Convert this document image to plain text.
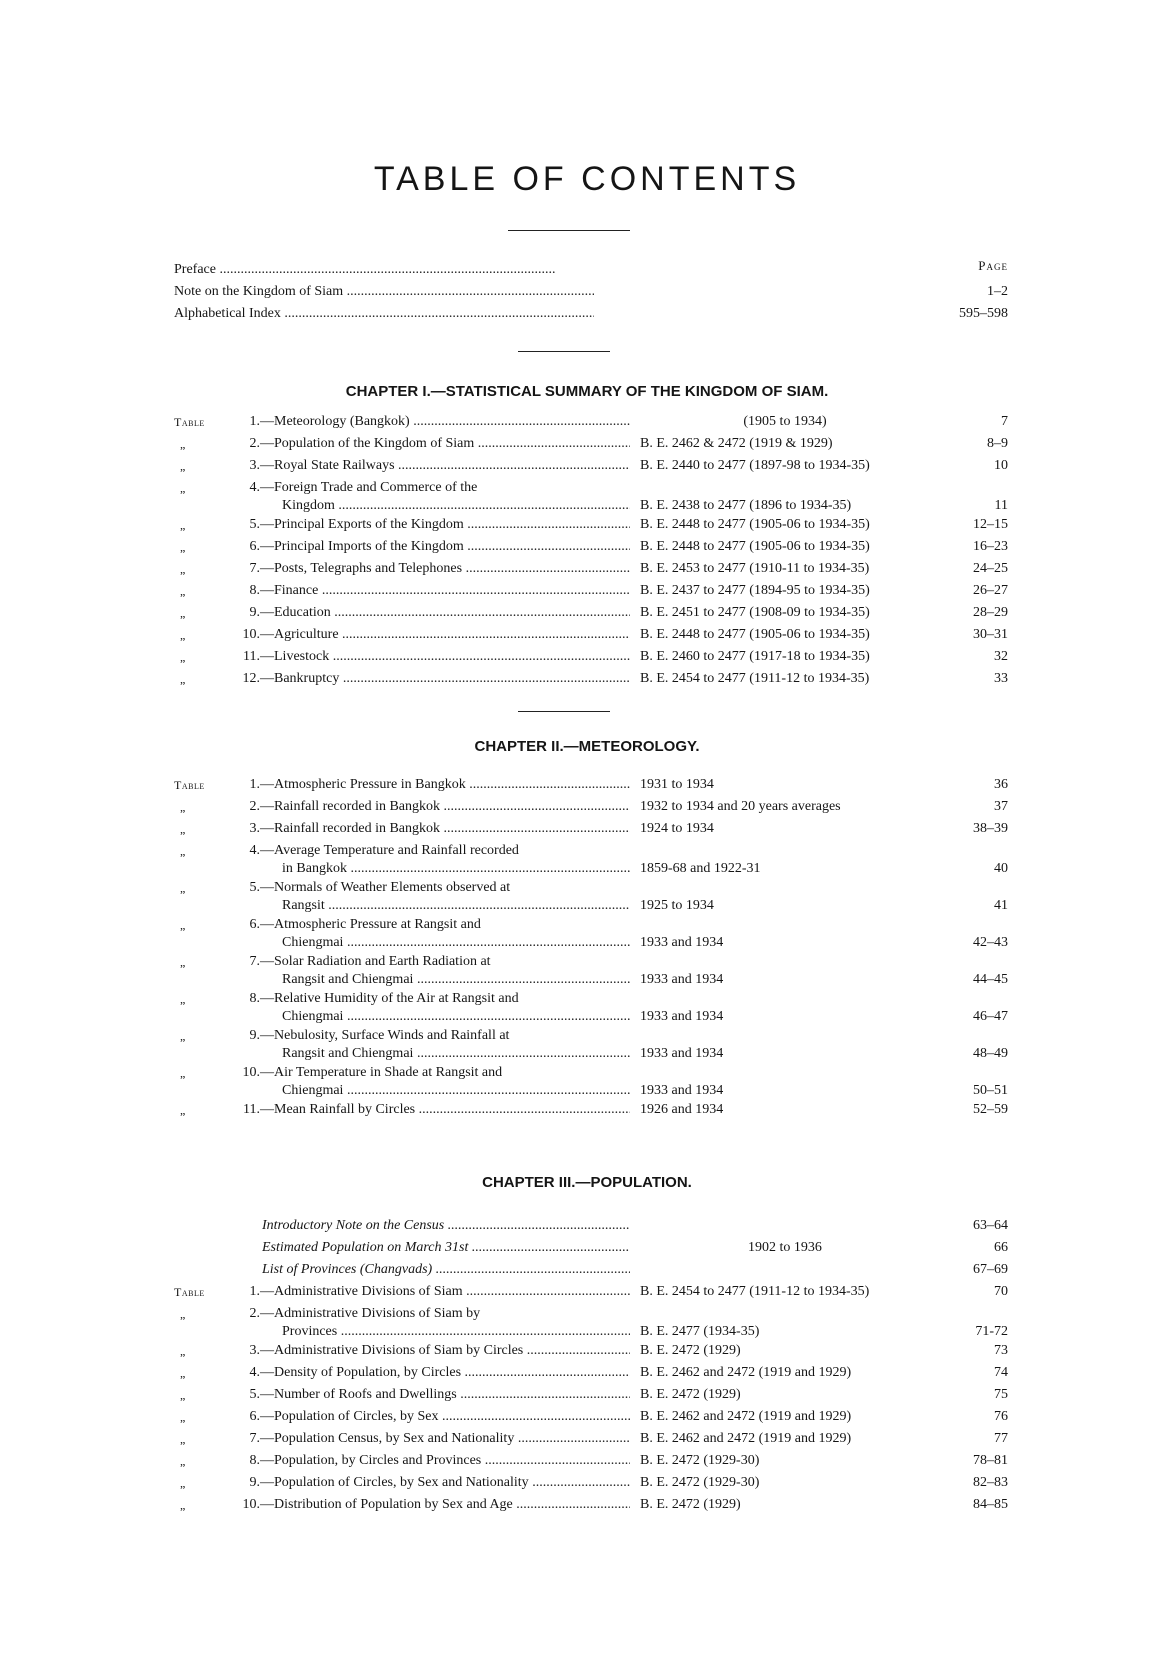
TABLE OF CONTENTS
Page
Preface .....
Note on the Kingdom of Siam .....	1–2
Alphabetical Index .....	595–598
CHAPTER I.—STATISTICAL SUMMARY OF THE KINGDOM OF SIAM.
Table	1.—Meteorology (Bangkok) .....	(1905 to 1934)	7
„	2.—Population of the Kingdom of Siam .....	B. E. 2462 & 2472 (1919 & 1929)	8–9
„	3.—Royal State Railways .....	B. E. 2440 to 2477 (1897-98 to 1934-35)	10
„	4.—Foreign Trade and Commerce of the
Kingdom .....	B. E. 2438 to 2477 (1896 to 1934-35)	11
„	5.—Principal Exports of the Kingdom .....	B. E. 2448 to 2477 (1905-06 to 1934-35)	12–15
„	6.—Principal Imports of the Kingdom .....	B. E. 2448 to 2477 (1905-06 to 1934-35)	16–23
„	7.—Posts, Telegraphs and Telephones .....	B. E. 2453 to 2477 (1910-11 to 1934-35)	24–25
„	8.—Finance .....	B. E. 2437 to 2477 (1894-95 to 1934-35)	26–27
„	9.—Education .....	B. E. 2451 to 2477 (1908-09 to 1934-35)	28–29
„	10.—Agriculture .....	B. E. 2448 to 2477 (1905-06 to 1934-35)	30–31
„	11.—Livestock .....	B. E. 2460 to 2477 (1917-18 to 1934-35)	32
„	12.—Bankruptcy .....	B. E. 2454 to 2477 (1911-12 to 1934-35)	33
CHAPTER II.—METEOROLOGY.
Table	1.—Atmospheric Pressure in Bangkok .....	1931 to 1934	36
„	2.—Rainfall recorded in Bangkok .....	1932 to 1934 and 20 years averages	37
„	3.—Rainfall recorded in Bangkok .....	1924 to 1934	38–39
„	4.—Average Temperature and Rainfall recorded
in Bangkok .....	1859-68 and 1922-31	40
„	5.—Normals of Weather Elements observed at
Rangsit .....	1925 to 1934	41
„	6.—Atmospheric Pressure at Rangsit and
Chiengmai .....	1933 and 1934	42–43
„	7.—Solar Radiation and Earth Radiation at
Rangsit and Chiengmai .....	1933 and 1934	44–45
„	8.—Relative Humidity of the Air at Rangsit and
Chiengmai .....	1933 and 1934	46–47
„	9.—Nebulosity, Surface Winds and Rainfall at
Rangsit and Chiengmai .....	1933 and 1934	48–49
„	10.—Air Temperature in Shade at Rangsit and
Chiengmai .....	1933 and 1934	50–51
„	11.—Mean Rainfall by Circles .....	1926 and 1934	52–59
CHAPTER III.—POPULATION.
Introductory Note on the Census .....	63–64
Estimated Population on March 31st .....	1902 to 1936	66
List of Provinces (Changvads) .....	67–69
Table	1.—Administrative Divisions of Siam .....	B. E. 2454 to 2477 (1911-12 to 1934-35)	70
„	2.—Administrative Divisions of Siam by
Provinces .....	B. E. 2477 (1934-35)	71-72
„	3.—Administrative Divisions of Siam by Circles .....	B. E. 2472 (1929)	73
„	4.—Density of Population, by Circles .....	B. E. 2462 and 2472 (1919 and 1929)	74
„	5.—Number of Roofs and Dwellings .....	B. E. 2472 (1929)	75
„	6.—Population of Circles, by Sex .....	B. E. 2462 and 2472 (1919 and 1929)	76
„	7.—Population Census, by Sex and Nationality .....	B. E. 2462 and 2472 (1919 and 1929)	77
„	8.—Population, by Circles and Provinces .....	B. E. 2472 (1929-30)	78–81
„	9.—Population of Circles, by Sex and Nationality .....	B. E. 2472 (1929-30)	82–83
„	10.—Distribution of Population by Sex and Age .....	B. E. 2472 (1929)	84–85
